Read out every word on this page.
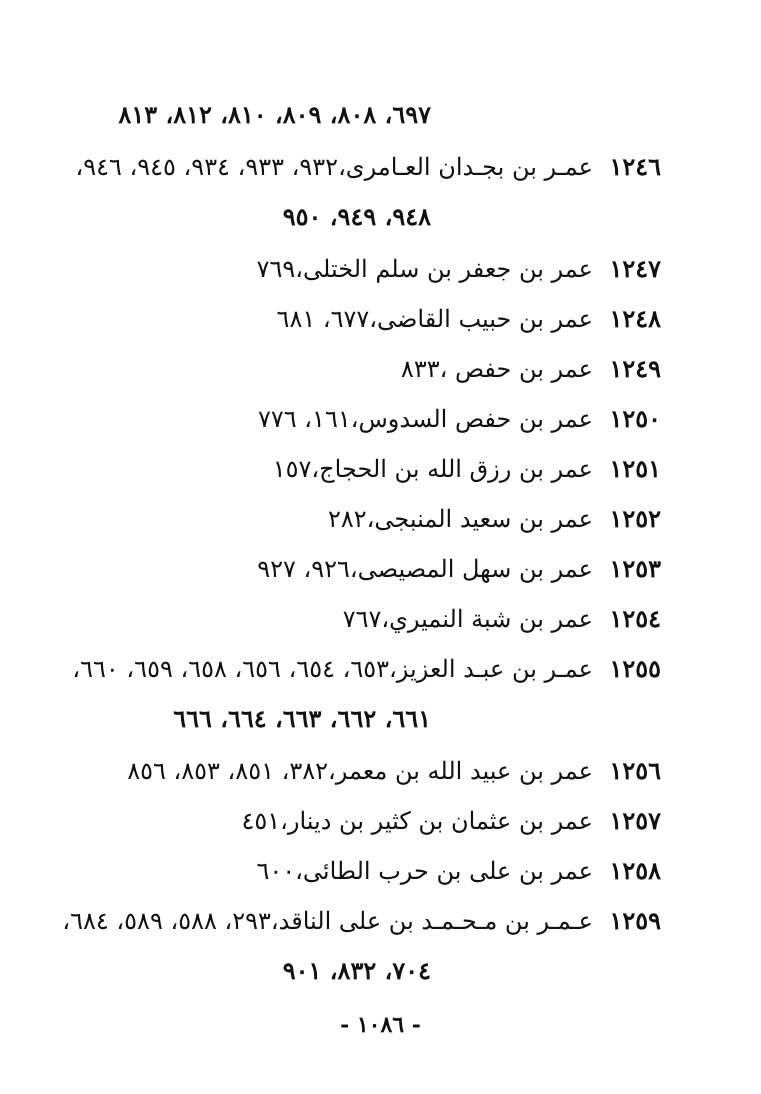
٦٩٧، ٨٠٨، ٨٠٩، ٨١٠، ٨١٢، ٨١٣
١٢٤٦عمـر بن بجـدان العـامرى،٩٣٢، ٩٣٣، ٩٣٤، ٩٤٥، ٩٤٦،
٩٤٨، ٩٤٩، ٩٥٠
١٢٤٧عمر بن جعفر بن سلم الختلى،٧٦٩
١٢٤٨عمر بن حبيب القاضى،٦٧٧، ٦٨١
١٢٤٩عمر بن حفص ،٨٣٣
١٢٥٠عمر بن حفص السدوس،١٦١، ٧٧٦
١٢٥١عمر بن رزق الله بن الحجاج،١٥٧
١٢٥٢عمر بن سعيد المنبجى،٢٨٢
١٢٥٣عمر بن سهل المصيصى،٩٢٦، ٩٢٧
١٢٥٤عمر بن شبة النميري،٧٦٧
١٢٥٥عمـر بن عبـد العزيز،٦٥٣، ٦٥٤، ٦٥٦، ٦٥٨، ٦٥٩، ٦٦٠،
٦٦١، ٦٦٢، ٦٦٣، ٦٦٤، ٦٦٦
١٢٥٦عمر بن عبيد الله بن معمر،٣٨٢، ٨٥١، ٨٥٣، ٨٥٦
١٢٥٧عمر بن عثمان بن كثير بن دينار،٤٥١
١٢٥٨عمر بن على بن حرب الطائى،٦٠٠
١٢٥٩عـمـر بن مـحـمـد بن على الناقد،٢٩٣، ٥٨٨، ٥٨٩، ٦٨٤،
٧٠٤، ٨٣٢، ٩٠١
- ١٠٨٦ -
